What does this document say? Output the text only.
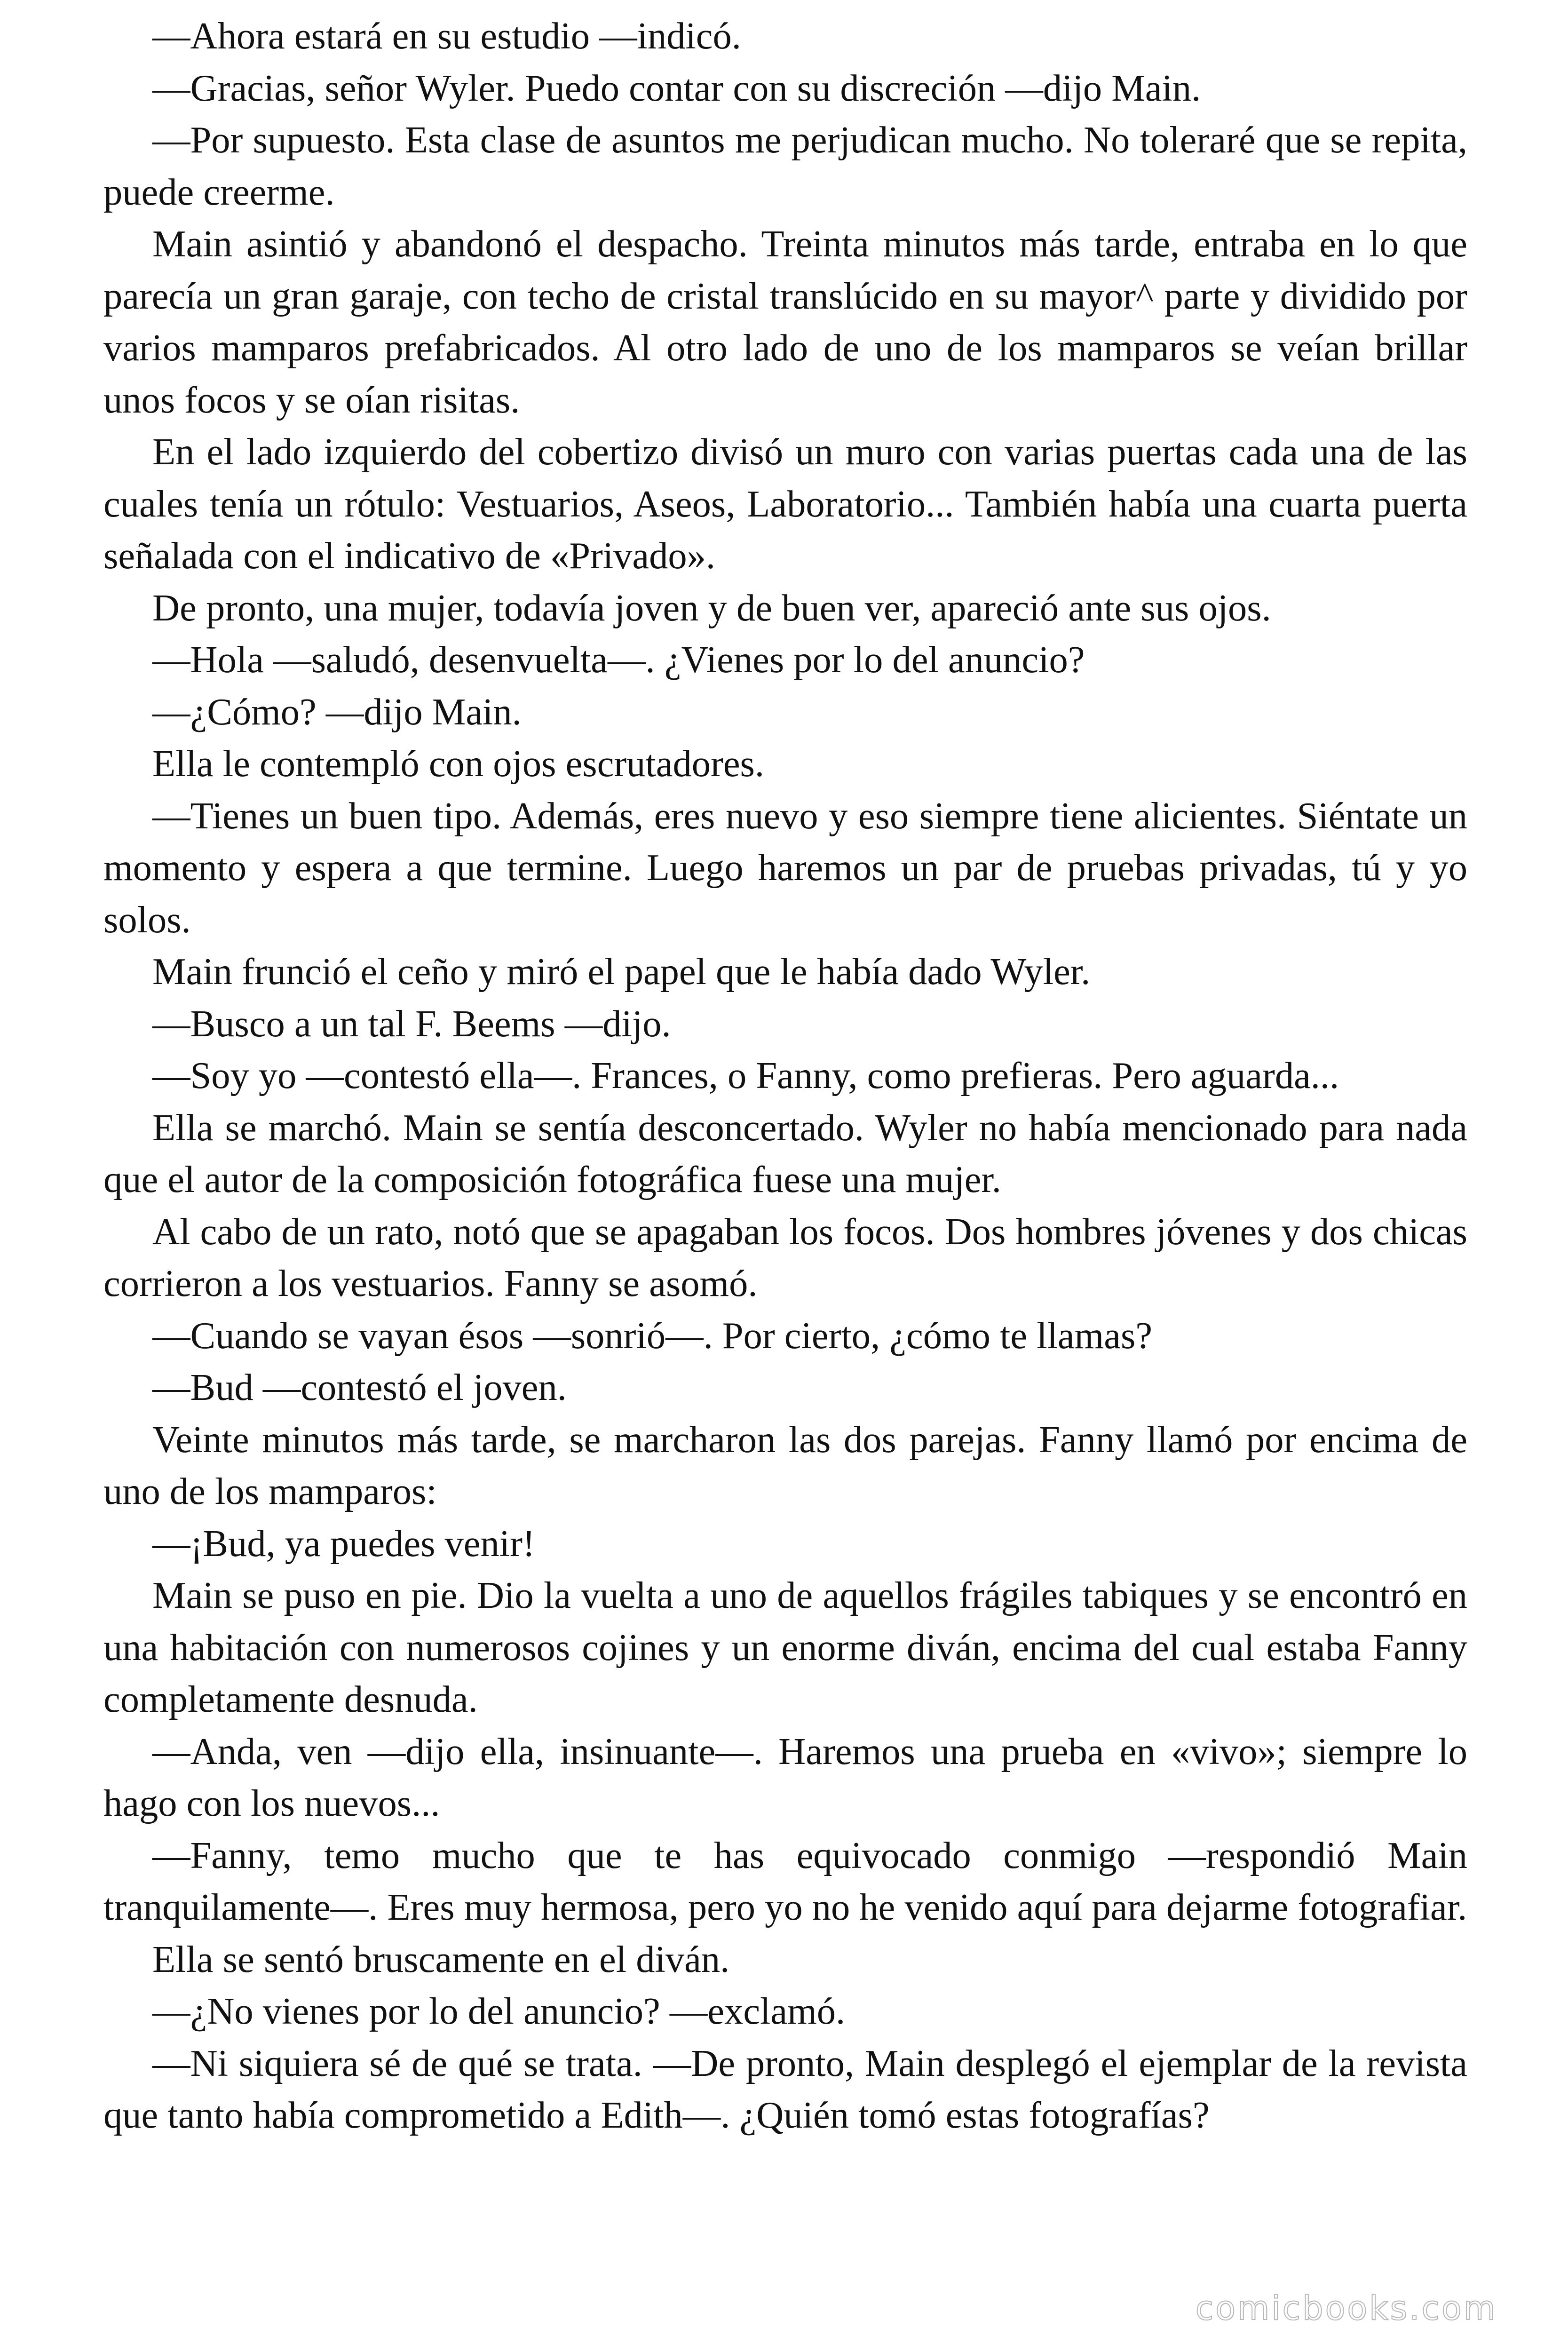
—Ahora estará en su estudio —indicó.

—Gracias, señor Wyler. Puedo contar con su discreción —dijo Main.

—Por supuesto. Esta clase de asuntos me perjudican mucho. No toleraré que se repita, puede creerme.

Main asintió y abandonó el despacho. Treinta minutos más tarde, entraba en lo que parecía un gran garaje, con techo de cristal translúcido en su mayor^ parte y dividido por varios mamparos prefabricados. Al otro lado de uno de los mamparos se veían brillar unos focos y se oían risitas.

En el lado izquierdo del cobertizo divisó un muro con varias puertas cada una de las cuales tenía un rótulo: Vestuarios, Aseos, Laboratorio... También había una cuarta puerta señalada con el indicativo de «Privado».

De pronto, una mujer, todavía joven y de buen ver, apareció ante sus ojos.

—Hola —saludó, desenvuelta—. ¿Vienes por lo del anuncio?

—¿Cómo? —dijo Main.

Ella le contempló con ojos escrutadores.

—Tienes un buen tipo. Además, eres nuevo y eso siempre tiene alicientes. Siéntate un momento y espera a que termine. Luego haremos un par de pruebas privadas, tú y yo solos.

Main frunció el ceño y miró el papel que le había dado Wyler.

—Busco a un tal F. Beems —dijo.

—Soy yo —contestó ella—. Frances, o Fanny, como prefieras. Pero aguarda...

Ella se marchó. Main se sentía desconcertado. Wyler no había mencionado para nada que el autor de la composición fotográfica fuese una mujer.

Al cabo de un rato, notó que se apagaban los focos. Dos hombres jóvenes y dos chicas corrieron a los vestuarios. Fanny se asomó.

—Cuando se vayan ésos —sonrió—. Por cierto, ¿cómo te llamas?

—Bud —contestó el joven.

Veinte minutos más tarde, se marcharon las dos parejas. Fanny llamó por encima de uno de los mamparos:

—¡Bud, ya puedes venir!

Main se puso en pie. Dio la vuelta a uno de aquellos frágiles tabiques y se encontró en una habitación con numerosos cojines y un enorme diván, encima del cual estaba Fanny completamente desnuda.

—Anda, ven —dijo ella, insinuante—. Haremos una prueba en «vivo»; siempre lo hago con los nuevos...

—Fanny, temo mucho que te has equivocado conmigo —respondió Main tranquilamente—. Eres muy hermosa, pero yo no he venido aquí para dejarme fotografiar.

Ella se sentó bruscamente en el diván.

—¿No vienes por lo del anuncio? —exclamó.

—Ni siquiera sé de qué se trata. —De pronto, Main desplegó el ejemplar de la revista que tanto había comprometido a Edith—. ¿Quién tomó estas fotografías?

comicbooks.com
